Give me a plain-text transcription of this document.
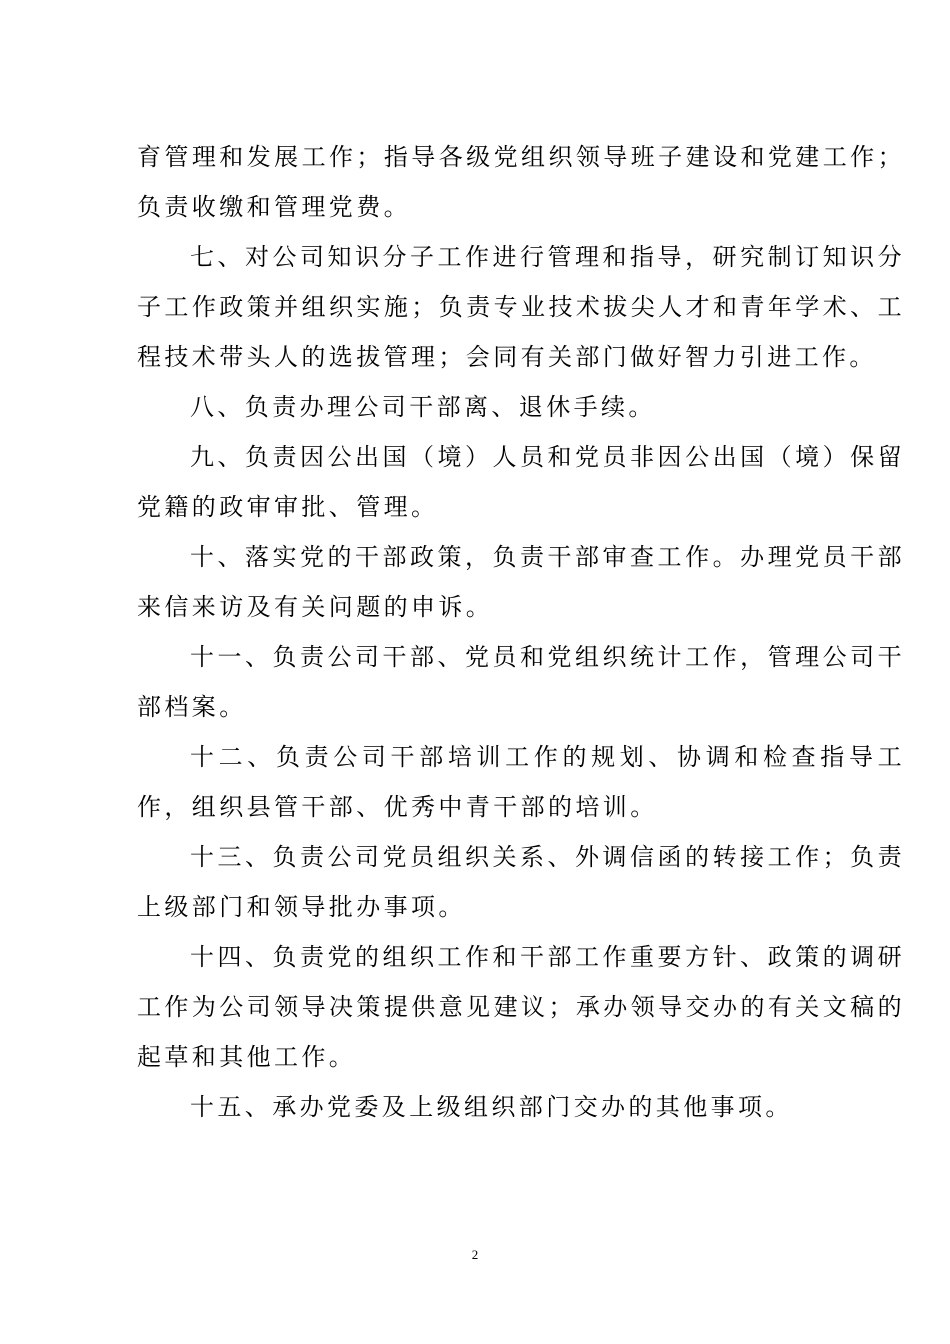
育管理和发展工作；指导各级党组织领导班子建设和党建工作；负责收缴和管理党费。

七、对公司知识分子工作进行管理和指导，研究制订知识分子工作政策并组织实施；负责专业技术拔尖人才和青年学术、工程技术带头人的选拔管理；会同有关部门做好智力引进工作。

八、负责办理公司干部离、退休手续。

九、负责因公出国（境）人员和党员非因公出国（境）保留党籍的政审审批、管理。

十、落实党的干部政策，负责干部审查工作。办理党员干部来信来访及有关问题的申诉。

十一、负责公司干部、党员和党组织统计工作，管理公司干部档案。

十二、负责公司干部培训工作的规划、协调和检查指导工作，组织县管干部、优秀中青干部的培训。

十三、负责公司党员组织关系、外调信函的转接工作；负责上级部门和领导批办事项。

十四、负责党的组织工作和干部工作重要方针、政策的调研工作为公司领导决策提供意见建议；承办领导交办的有关文稿的起草和其他工作。

十五、承办党委及上级组织部门交办的其他事项。

2
